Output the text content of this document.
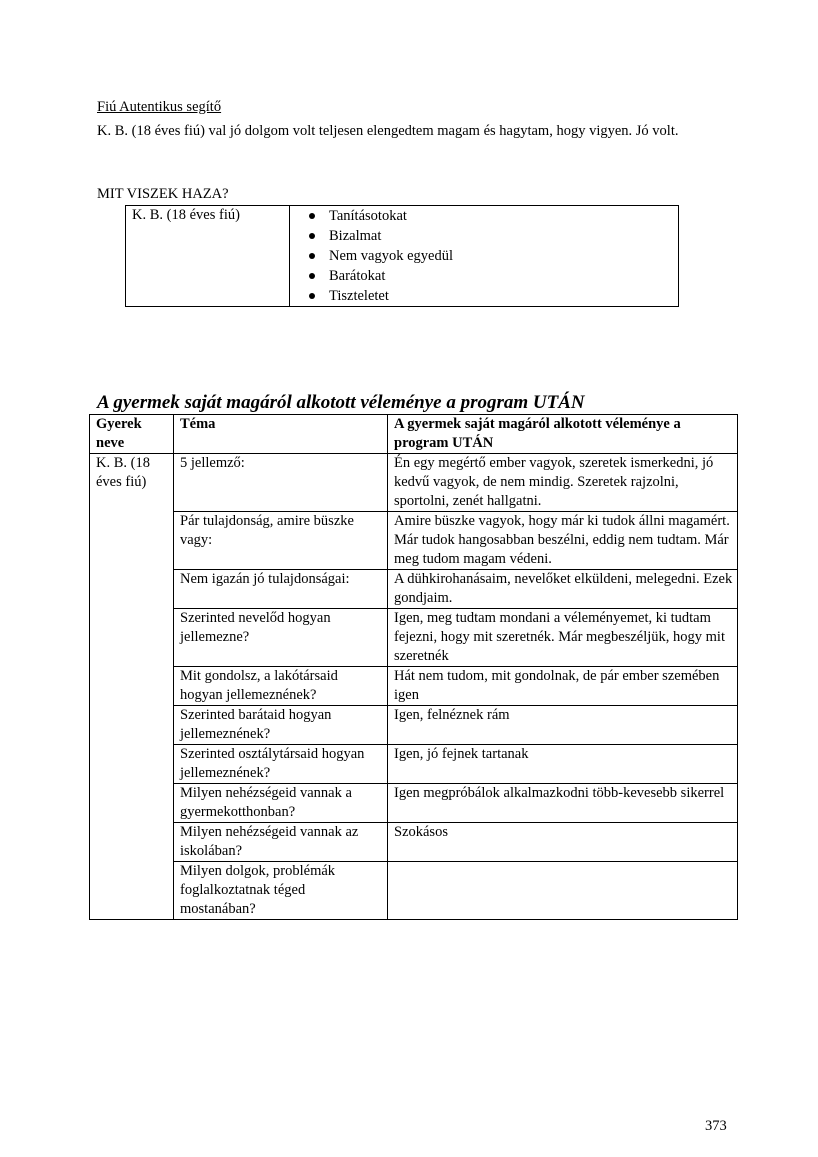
Fiú Autentikus segítő
K. B. (18 éves fiú) val jó dolgom volt teljesen elengedtem magam és hagytam, hogy vigyen. Jó volt.
MIT VISZEK HAZA?
K. B. (18 éves fiú)	Tanításotokat
Bizalmat
Nem vagyok egyedül
Barátokat
Tiszteletet
A gyermek saját magáról alkotott véleménye a program UTÁN
Gyerek neve	Téma	A gyermek saját magáról alkotott véleménye a program UTÁN
K. B. (18 éves fiú)	5 jellemző:	Én egy megértő ember vagyok, szeretek ismerkedni, jó kedvű vagyok, de nem mindig. Szeretek rajzolni, sportolni, zenét hallgatni.
	Pár tulajdonság, amire büszke vagy:	Amire büszke vagyok, hogy már ki tudok állni magamért. Már tudok hangosabban beszélni, eddig nem tudtam. Már meg tudom magam védeni.
	Nem igazán jó tulajdonságai:	A dühkirohanásaim, nevelőket elküldeni, melegedni. Ezek gondjaim.
	Szerinted nevelőd hogyan jellemezne?	Igen, meg tudtam mondani a véleményemet, ki tudtam fejezni, hogy mit szeretnék. Már megbeszéljük, hogy mit szeretnék
	Mit gondolsz, a lakótársaid hogyan jellemeznének?	Hát nem tudom, mit gondolnak, de pár ember szemében igen
	Szerinted barátaid hogyan jellemeznének?	Igen, felnéznek rám
	Szerinted osztálytársaid hogyan jellemeznének?	Igen, jó fejnek tartanak
	Milyen nehézségeid vannak a gyermekotthonban?	Igen megpróbálok alkalmazkodni több-kevesebb sikerrel
	Milyen nehézségeid vannak az iskolában?	Szokásos
	Milyen dolgok, problémák foglalkoztatnak téged mostanában?	
373
